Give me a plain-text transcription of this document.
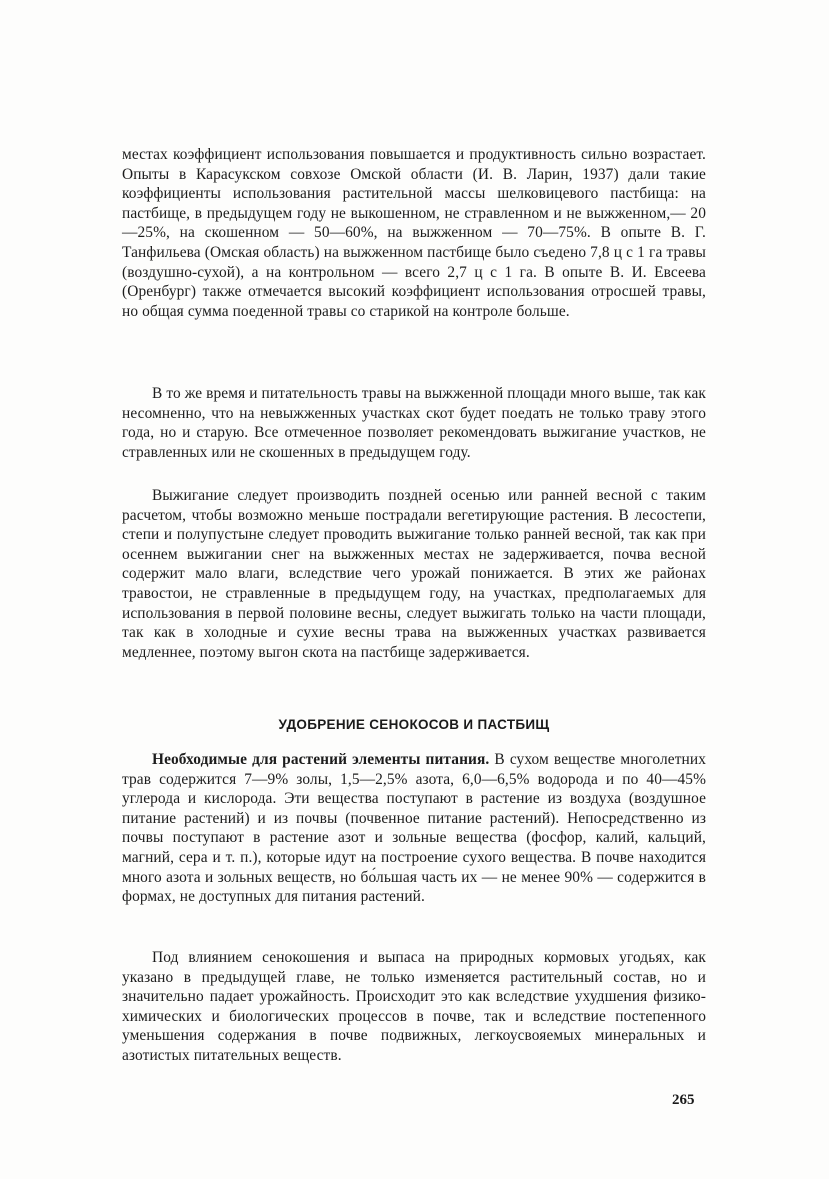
местах коэффициент использования повышается и продуктивность сильно возрастает. Опыты в Карасукском совхозе Омской области (И. В. Ларин, 1937) дали такие коэффициенты использования растительной массы шелковицевого пастбища: на пастбище, в предыдущем году не выкошенном, не стравленном и не выжженном,— 20—25%, на скошенном — 50—60%, на выжженном — 70—75%. В опыте В. Г. Танфильева (Омская область) на выжженном пастбище было съедено 7,8 ц с 1 га травы (воздушно-сухой), а на контрольном — всего 2,7 ц с 1 га. В опыте В. И. Евсеева (Оренбург) также отмечается высокий коэффициент использования отросшей травы, но общая сумма поеденной травы со старикой на контроле больше.

В то же время и питательность травы на выжженной площади много выше, так как несомненно, что на невыжженных участках скот будет поедать не только траву этого года, но и старую. Все отмеченное позволяет рекомендовать выжигание участков, не стравленных или не скошенных в предыдущем году.

Выжигание следует производить поздней осенью или ранней весной с таким расчетом, чтобы возможно меньше пострадали вегетирующие растения. В лесостепи, степи и полупустыне следует проводить выжигание только ранней весной, так как при осеннем выжигании снег на выжженных местах не задерживается, почва весной содержит мало влаги, вследствие чего урожай понижается. В этих же районах травостои, не стравленные в предыдущем году, на участках, предполагаемых для использования в первой половине весны, следует выжигать только на части площади, так как в холодные и сухие весны трава на выжженных участках развивается медленнее, поэтому выгон скота на пастбище задерживается.

УДОБРЕНИЕ СЕНОКОСОВ И ПАСТБИЩ

Необходимые для растений элементы питания. В сухом веществе многолетних трав содержится 7—9% золы, 1,5—2,5% азота, 6,0—6,5% водорода и по 40—45% углерода и кислорода. Эти вещества поступают в растение из воздуха (воздушное питание растений) и из почвы (почвенное питание растений). Непосредственно из почвы поступают в растение азот и зольные вещества (фосфор, калий, кальций, магний, сера и т. п.), которые идут на построение сухого вещества. В почве находится много азота и зольных веществ, но бо́льшая часть их — не менее 90% — содержится в формах, не доступных для питания растений.

Под влиянием сенокошения и выпаса на природных кормовых угодьях, как указано в предыдущей главе, не только изменяется растительный состав, но и значительно падает урожайность. Происходит это как вследствие ухудшения физико-химических и биологических процессов в почве, так и вследствие постепенного уменьшения содержания в почве подвижных, легкоусвояемых минеральных и азотистых питательных веществ.

265
